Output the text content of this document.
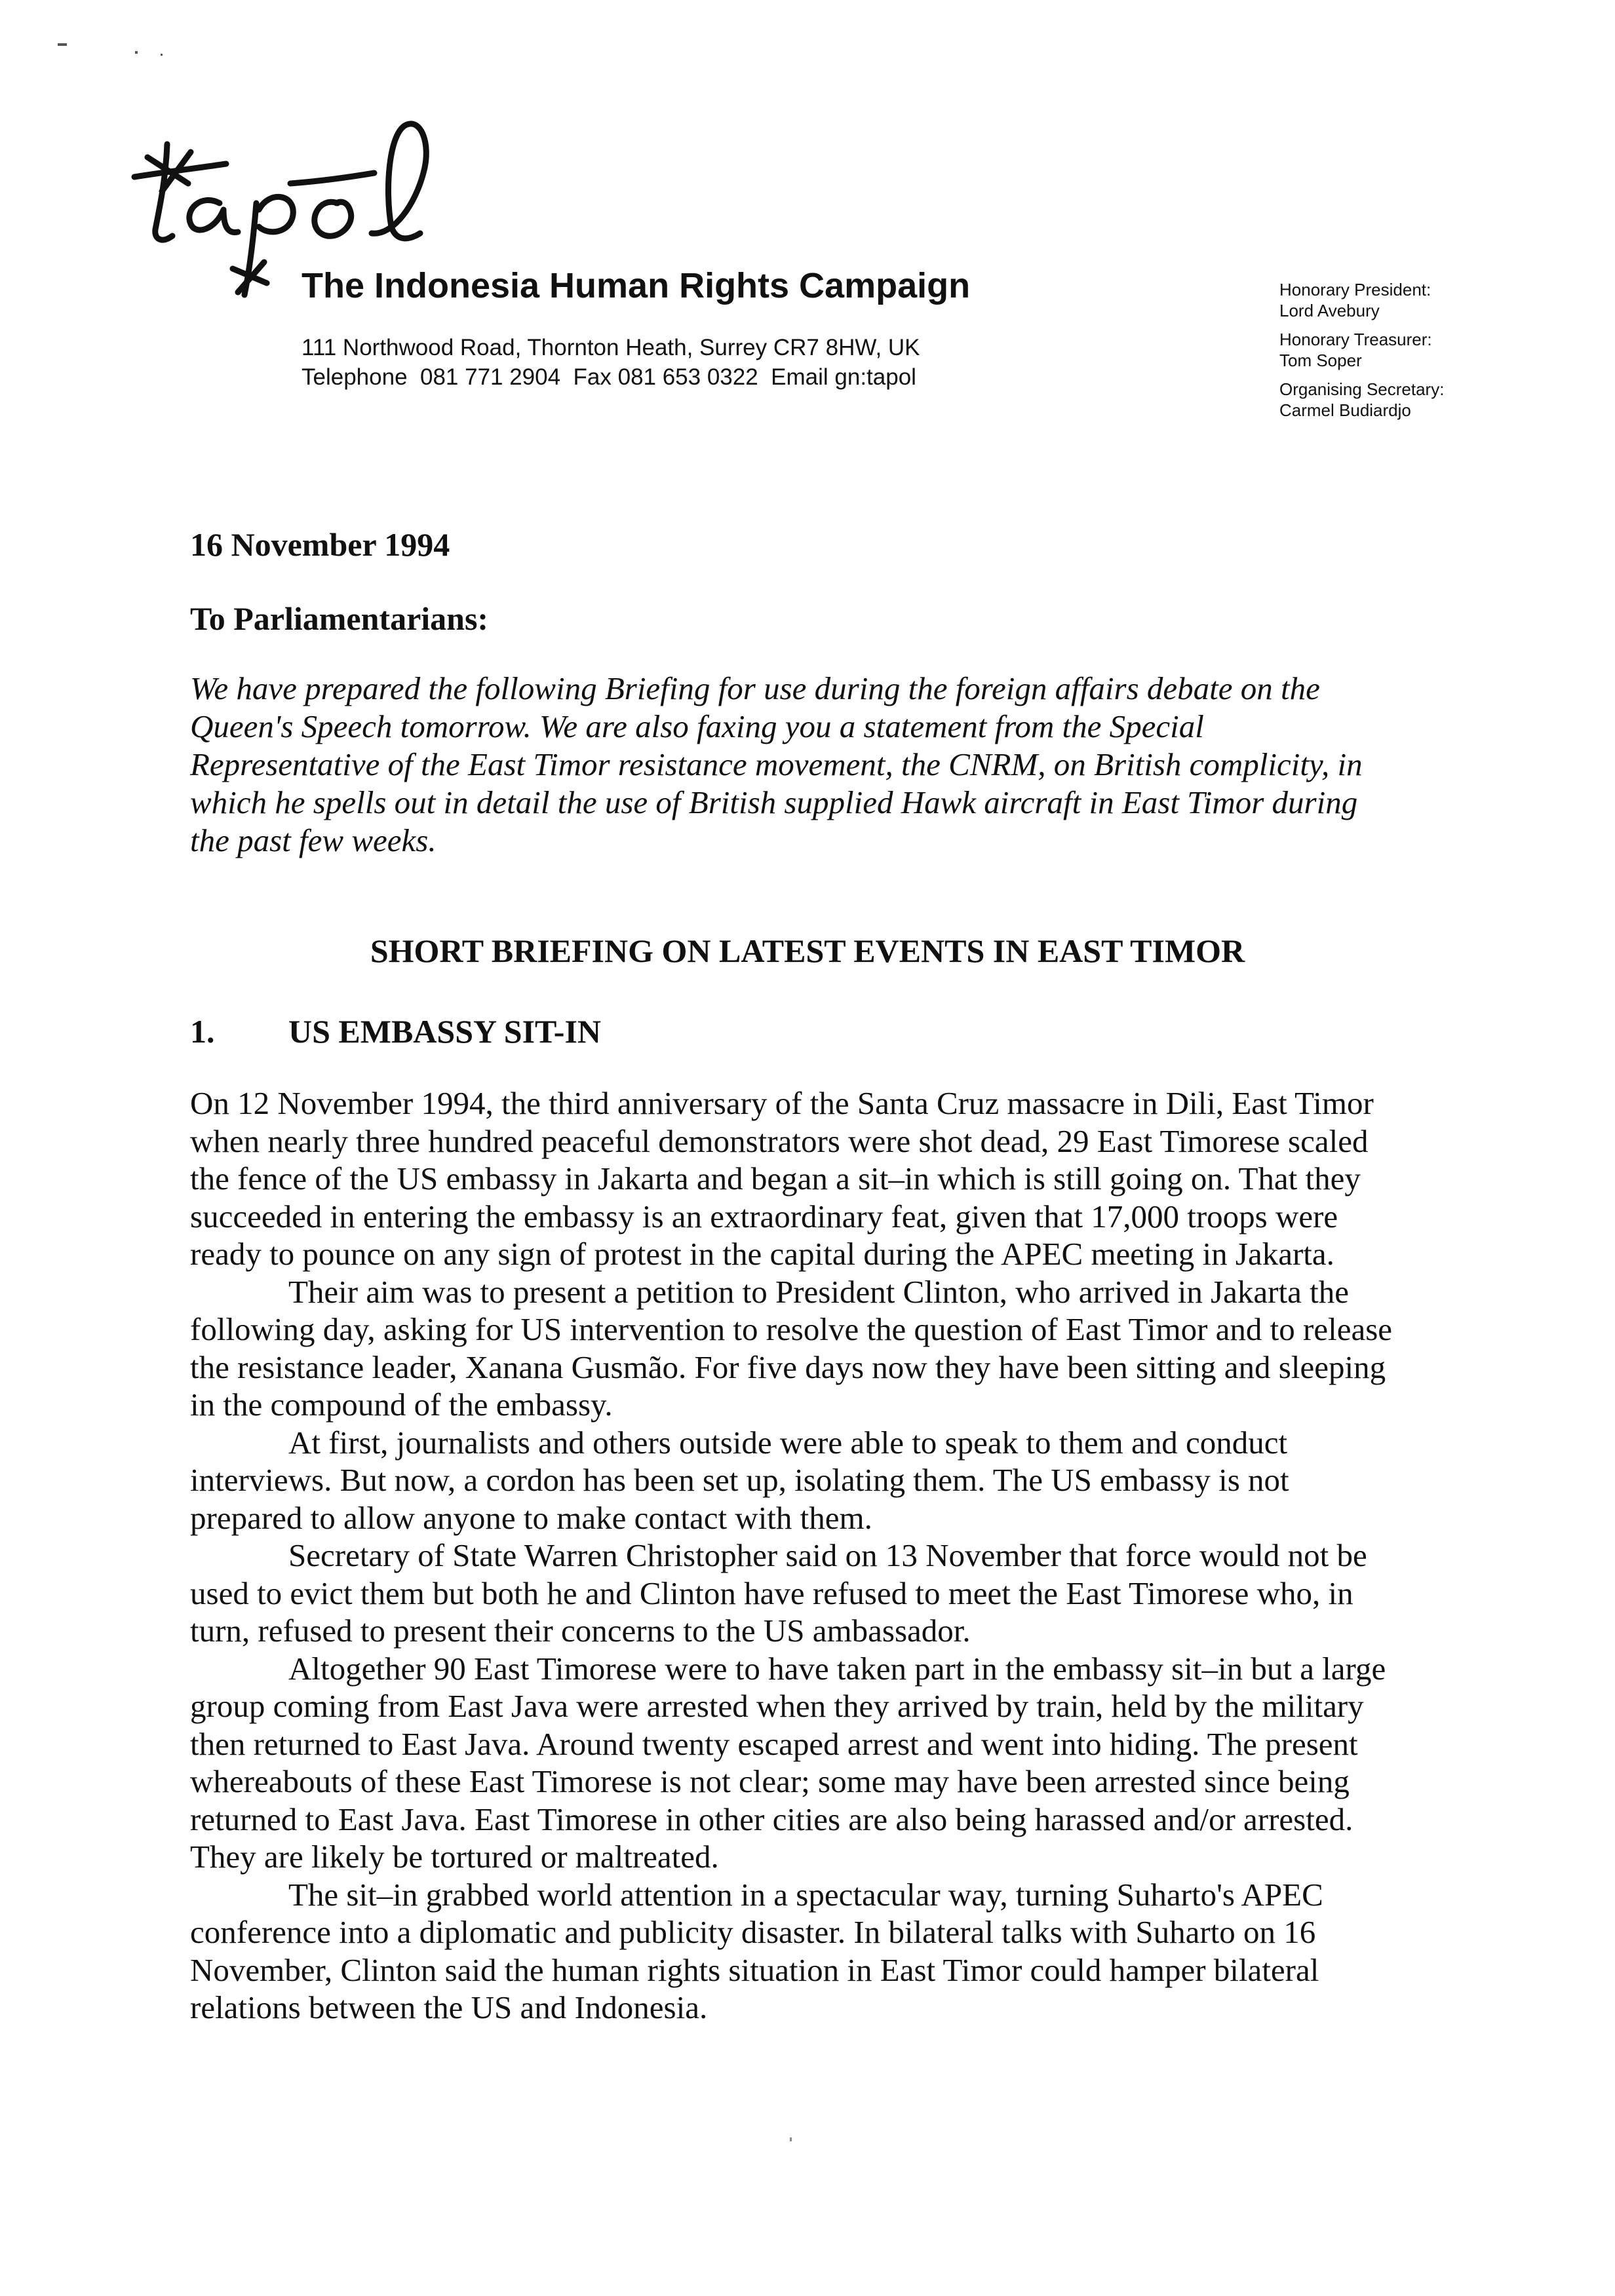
The Indonesia Human Rights Campaign
111 Northwood Road, Thornton Heath, Surrey CR7 8HW, UK
Telephone  081 771 2904  Fax 081 653 0322  Email gn:tapol
Honorary President:
Lord Avebury
Honorary Treasurer:
Tom Soper
Organising Secretary:
Carmel Budiardjo
16 November 1994
To Parliamentarians:
We have prepared the following Briefing for use during the foreign affairs debate on the
Queen's Speech tomorrow. We are also faxing you a statement from the Special
Representative of the East Timor resistance movement, the CNRM, on British complicity, in
which he spells out in detail the use of British supplied Hawk aircraft in East Timor during
the past few weeks.
SHORT BRIEFING ON LATEST EVENTS IN EAST TIMOR
1. US EMBASSY SIT-IN
On 12 November 1994, the third anniversary of the Santa Cruz massacre in Dili, East Timor
when nearly three hundred peaceful demonstrators were shot dead, 29 East Timorese scaled
the fence of the US embassy in Jakarta and began a sit–in which is still going on. That they
succeeded in entering the embassy is an extraordinary feat, given that 17,000 troops were
ready to pounce on any sign of protest in the capital during the APEC meeting in Jakarta.
Their aim was to present a petition to President Clinton, who arrived in Jakarta the
following day, asking for US intervention to resolve the question of East Timor and to release
the resistance leader, Xanana Gusmão. For five days now they have been sitting and sleeping
in the compound of the embassy.
At first, journalists and others outside were able to speak to them and conduct
interviews. But now, a cordon has been set up, isolating them. The US embassy is not
prepared to allow anyone to make contact with them.
Secretary of State Warren Christopher said on 13 November that force would not be
used to evict them but both he and Clinton have refused to meet the East Timorese who, in
turn, refused to present their concerns to the US ambassador.
Altogether 90 East Timorese were to have taken part in the embassy sit–in but a large
group coming from East Java were arrested when they arrived by train, held by the military
then returned to East Java. Around twenty escaped arrest and went into hiding. The present
whereabouts of these East Timorese is not clear; some may have been arrested since being
returned to East Java. East Timorese in other cities are also being harassed and/or arrested.
They are likely be tortured or maltreated.
The sit–in grabbed world attention in a spectacular way, turning Suharto's APEC
conference into a diplomatic and publicity disaster. In bilateral talks with Suharto on 16
November, Clinton said the human rights situation in East Timor could hamper bilateral
relations between the US and Indonesia.
